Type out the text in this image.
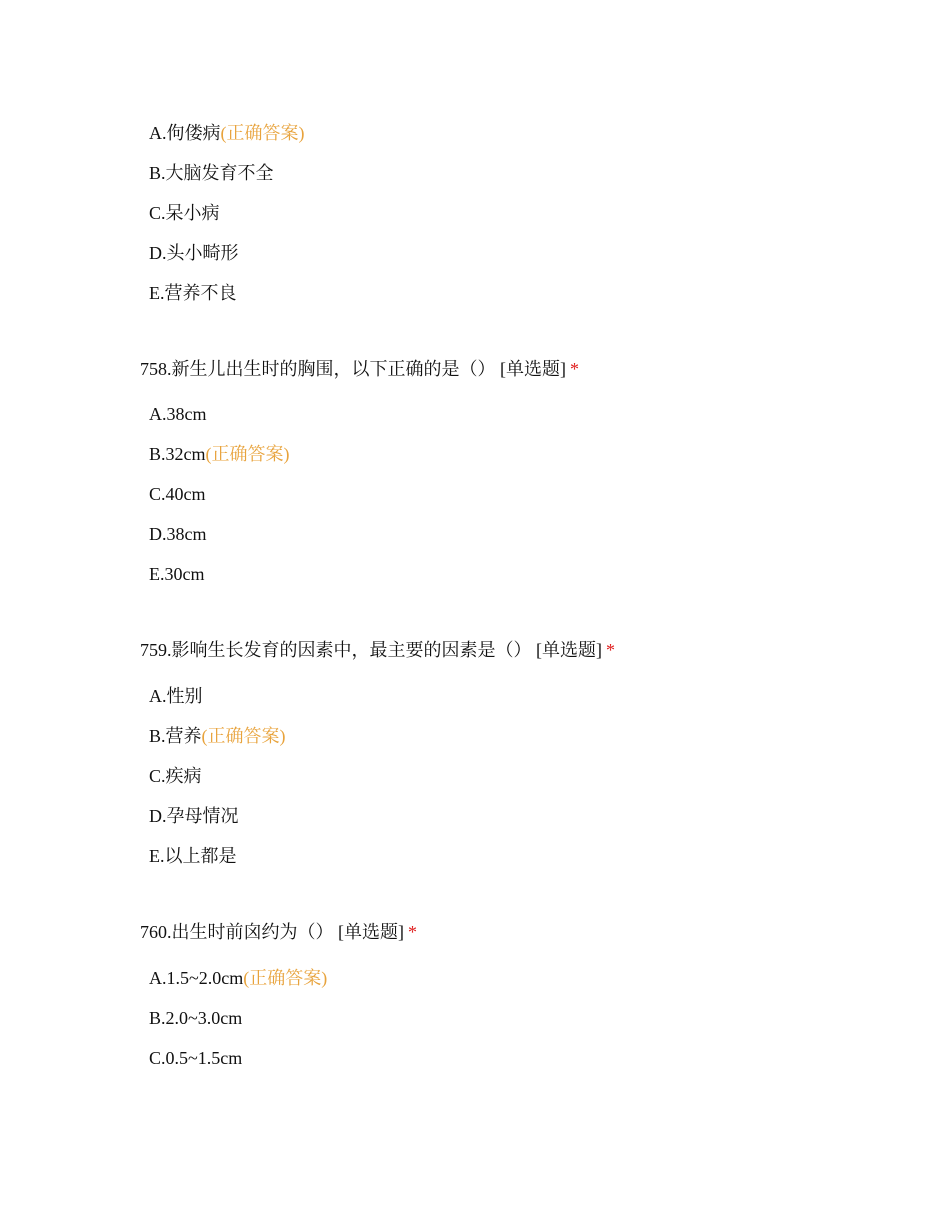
A.佝偻病(正确答案)
B.大脑发育不全
C.呆小病
D.头小畸形
E.营养不良
758.新生儿出生时的胸围，以下正确的是（） [单选题] *
A.38cm
B.32cm(正确答案)
C.40cm
D.38cm
E.30cm
759.影响生长发育的因素中，最主要的因素是（） [单选题] *
A.性别
B.营养(正确答案)
C.疾病
D.孕母情况
E.以上都是
760.出生时前囟约为（） [单选题] *
A.1.5~2.0cm(正确答案)
B.2.0~3.0cm
C.0.5~1.5cm
